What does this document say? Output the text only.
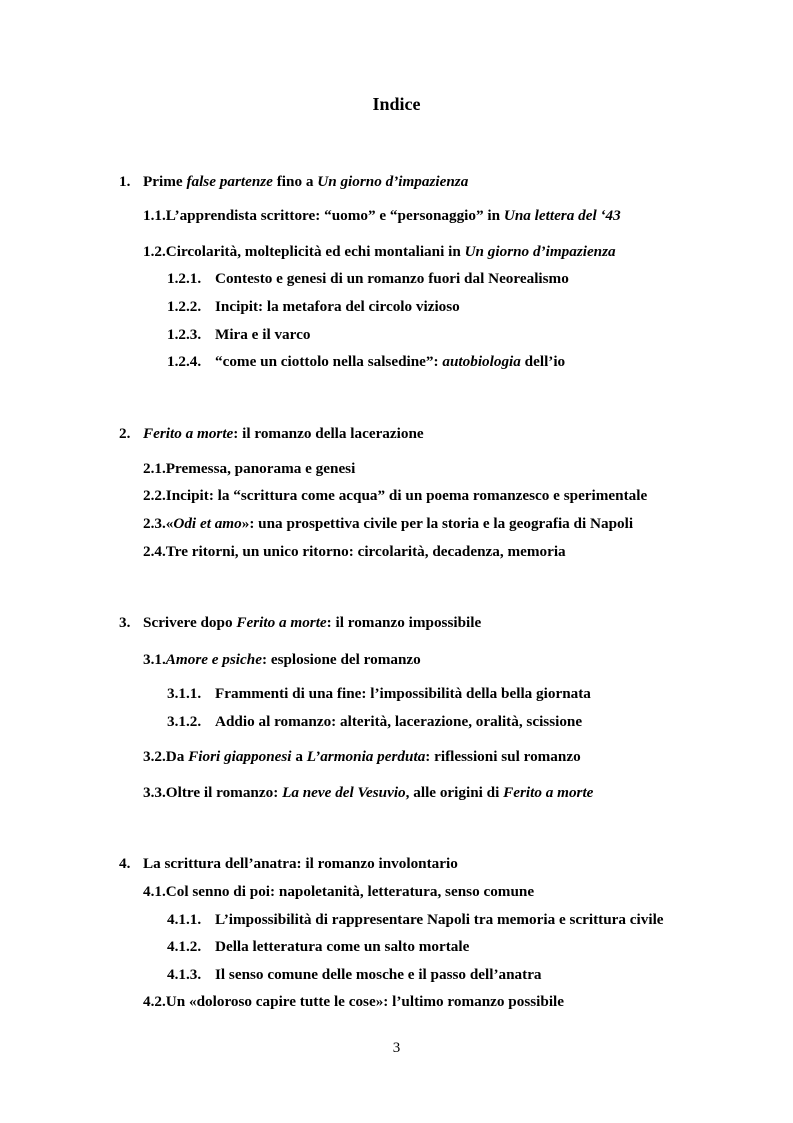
Indice
1. Prime false partenze fino a Un giorno d’impazienza
1.1.L’apprendista scrittore: “uomo” e “personaggio” in Una lettera del ‘43
1.2.Circolarità, molteplicità ed echi montaliani in Un giorno d’impazienza
1.2.1. Contesto e genesi di un romanzo fuori dal Neorealismo
1.2.2. Incipit: la metafora del circolo vizioso
1.2.3. Mira e il varco
1.2.4. “come un ciottolo nella salsedine”: autobiologia dell’io
2. Ferito a morte: il romanzo della lacerazione
2.1.Premessa, panorama e genesi
2.2.Incipit: la “scrittura come acqua” di un poema romanzesco e sperimentale
2.3.«Odi et amo»: una prospettiva civile per la storia e la geografia di Napoli
2.4.Tre ritorni, un unico ritorno: circolarità, decadenza, memoria
3. Scrivere dopo Ferito a morte: il romanzo impossibile
3.1.Amore e psiche: esplosione del romanzo
3.1.1. Frammenti di una fine: l’impossibilità della bella giornata
3.1.2. Addio al romanzo: alterità, lacerazione, oralità, scissione
3.2.Da Fiori giapponesi a L’armonia perduta: riflessioni sul romanzo
3.3.Oltre il romanzo: La neve del Vesuvio, alle origini di Ferito a morte
4. La scrittura dell’anatra: il romanzo involontario
4.1.Col senno di poi: napoletanità, letteratura, senso comune
4.1.1. L’impossibilità di rappresentare Napoli tra memoria e scrittura civile
4.1.2. Della letteratura come un salto mortale
4.1.3. Il senso comune delle mosche e il passo dell’anatra
4.2.Un «doloroso capire tutte le cose»: l’ultimo romanzo possibile
3
